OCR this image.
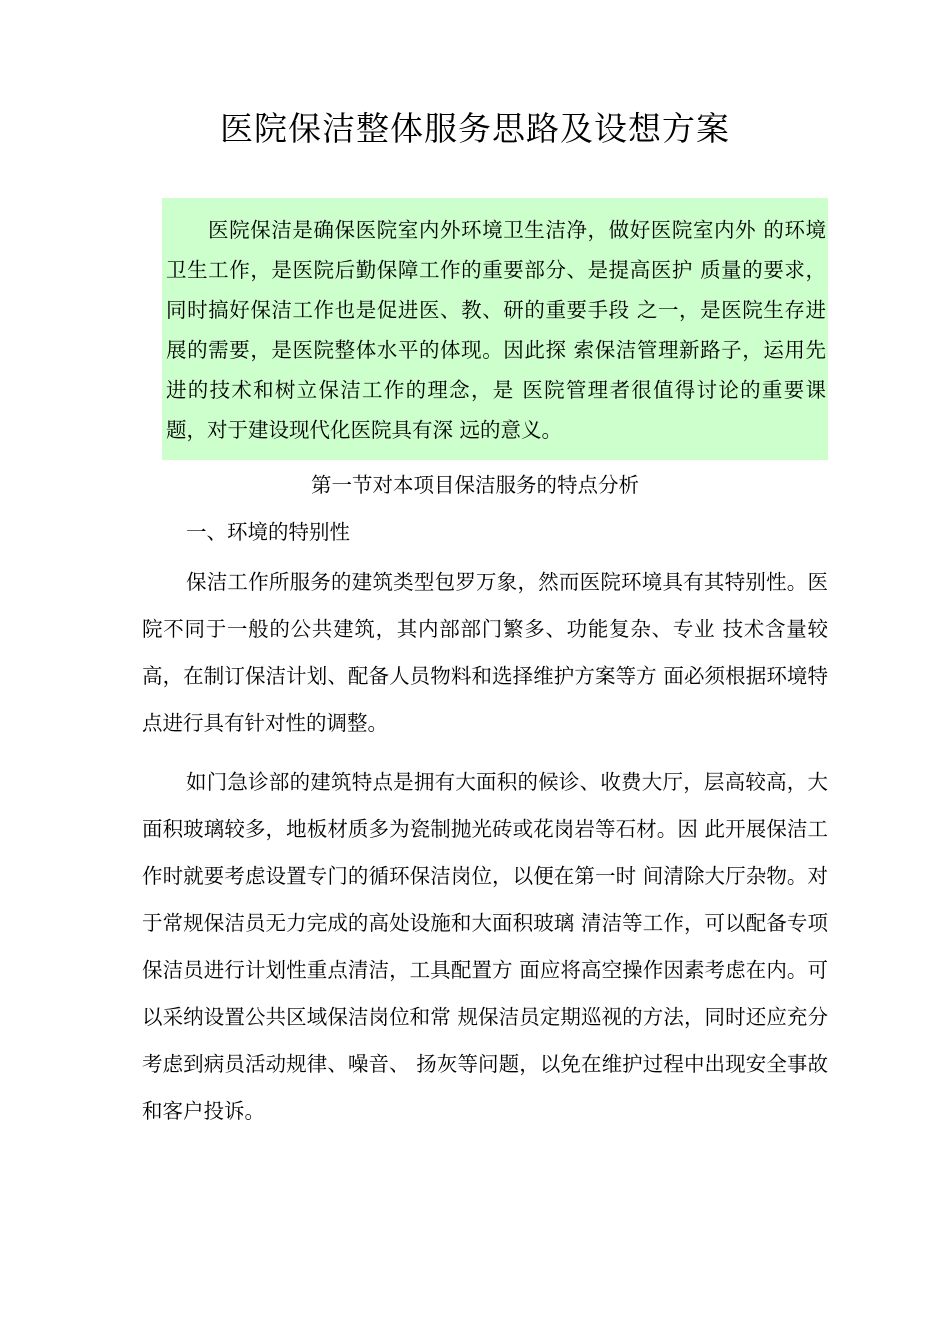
医院保洁整体服务思路及设想方案

医院保洁是确保医院室内外环境卫生洁净，做好医院室内外 的环境卫生工作，是医院后勤保障工作的重要部分、是提高医护 质量的要求，同时搞好保洁工作也是促进医、教、研的重要手段 之一，是医院生存进展的需要，是医院整体水平的体现。因此探 索保洁管理新路子，运用先进的技术和树立保洁工作的理念，是 医院管理者很值得讨论的重要课题，对于建设现代化医院具有深 远的意义。

第一节对本项目保洁服务的特点分析
一、环境的特别性

保洁工作所服务的建筑类型包罗万象，然而医院环境具有其特别性。医院不同于一般的公共建筑，其内部部门繁多、功能复杂、专业 技术含量较高，在制订保洁计划、配备人员物料和选择维护方案等方 面必须根据环境特点进行具有针对性的调整。

如门急诊部的建筑特点是拥有大面积的候诊、收费大厅，层高较高，大面积玻璃较多，地板材质多为瓷制抛光砖或花岗岩等石材。因 此开展保洁工作时就要考虑设置专门的循环保洁岗位，以便在第一时 间清除大厅杂物。对于常规保洁员无力完成的高处设施和大面积玻璃 清洁等工作，可以配备专项保洁员进行计划性重点清洁，工具配置方 面应将高空操作因素考虑在内。可以采纳设置公共区域保洁岗位和常 规保洁员定期巡视的方法，同时还应充分考虑到病员活动规律、噪音、 扬灰等问题，以免在维护过程中出现安全事故和客户投诉。
